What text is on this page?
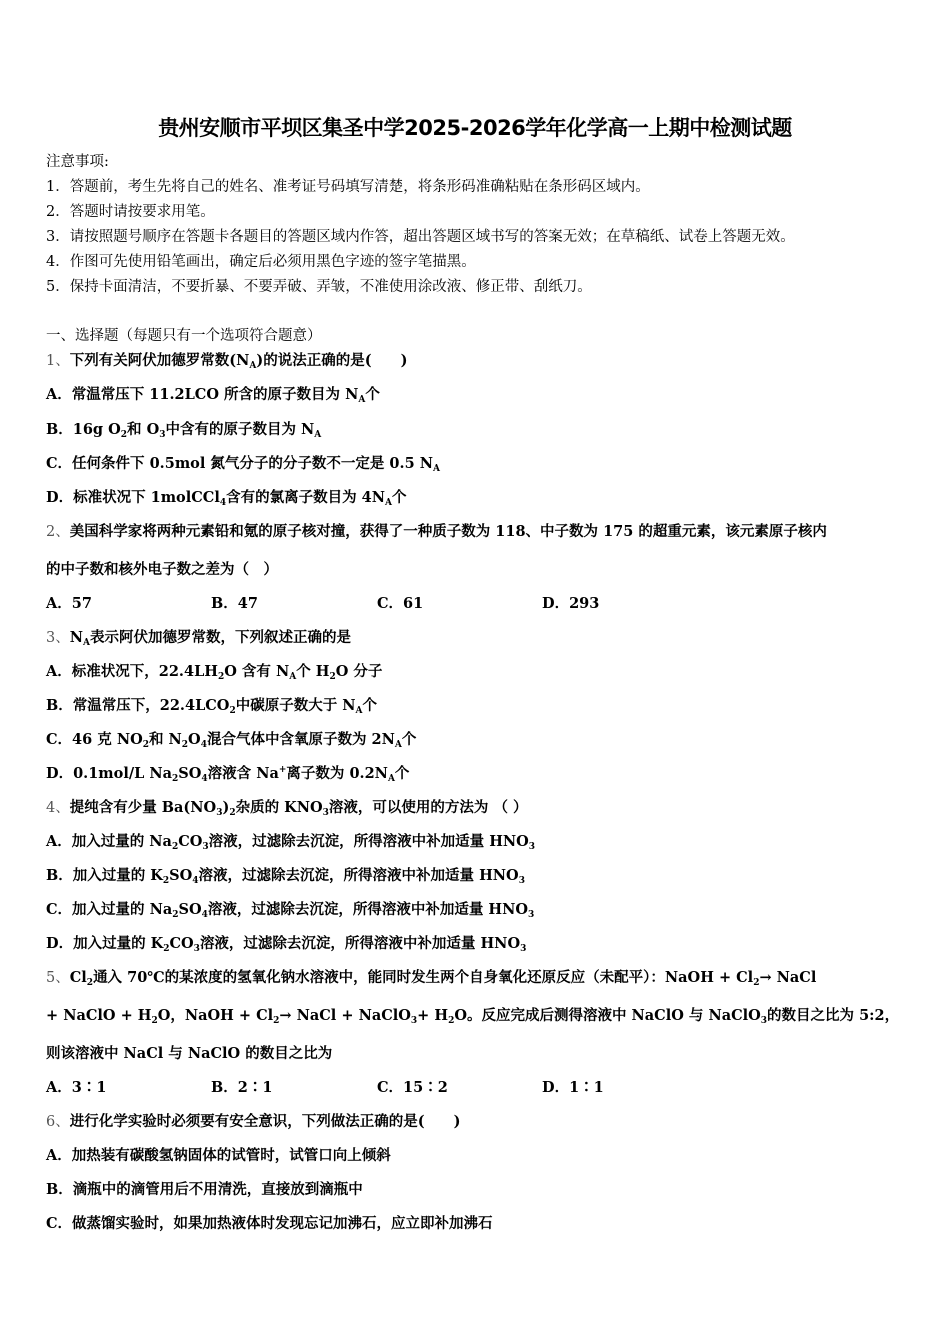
贵州安顺市平坝区集圣中学2025-2026学年化学高一上期中检测试题
注意事项:
1．答题前，考生先将自己的姓名、准考证号码填写清楚，将条形码准确粘贴在条形码区域内。
2．答题时请按要求用笔。
3．请按照题号顺序在答题卡各题目的答题区域内作答，超出答题区域书写的答案无效；在草稿纸、试卷上答题无效。
4．作图可先使用铅笔画出，确定后必须用黑色字迹的签字笔描黑。
5．保持卡面清洁，不要折暴、不要弄破、弄皱，不准使用涂改液、修正带、刮纸刀。
一、选择题（每题只有一个选项符合题意）
1、下列有关阿伏加德罗常数$(N_A)$的说法正确的是(　　)
A．常温常压下 11.2LCO 所含的原子数目为 $N_A$个
B．16g $O_2$和 $O_3$中含有的原子数目为 $N_A$
C．任何条件下 0.5mol 氮气分子的分子数不一定是 0.5 $N_A$
D．标准状况下 1molCCl$_4$含有的氯离子数目为 $4N_A$个
2、美国科学家将两种元素铅和氪的原子核对撞，获得了一种质子数为 118、中子数为 175 的超重元素，该元素原子核内
的中子数和核外电子数之差为（　）
A．57	B．47	C．61	D．293
3、$N_A$表示阿伏加德罗常数，下列叙述正确的是
A．标准状况下，$22.4LH_2O$ 含有 $N_A$个 $H_2O$ 分子
B．常温常压下，$22.4LCO_2$中碳原子数大于 $N_A$个
C．46 克 $NO_2$和 $N_2O_4$混合气体中含氧原子数为 $2N_A$个
D．0.1mol/L $Na_2SO_4$溶液含 Na+离子数为 $0.2N_A$个
4、提纯含有少量 $Ba(NO_3)_2$杂质的 $KNO_3$溶液，可以使用的方法为 （ ）
A．加入过量的 $Na_2CO_3$溶液，过滤除去沉淀，所得溶液中补加适量 $HNO_3$
B．加入过量的 $K_2SO_4$溶液，过滤除去沉淀，所得溶液中补加适量 $HNO_3$
C．加入过量的 $Na_2SO_4$溶液，过滤除去沉淀，所得溶液中补加适量 $HNO_3$
D．加入过量的 $K_2CO_3$溶液，过滤除去沉淀，所得溶液中补加适量 $HNO_3$
5、$Cl_2$通入 70℃的某浓度的氢氧化钠水溶液中，能同时发生两个自身氧化还原反应（未配平）：NaOH + $Cl_2\to$ NaCl
+ NaClO + $H_2O$，NaOH + $Cl_2\to$ NaCl + NaClO$_3$+ $H_2O$。反应完成后测得溶液中 NaClO 与 NaClO$_3$的数目之比为 5:2，
则该溶液中 NaCl 与 NaClO 的数目之比为
A．3∶1	B．2∶1	C．15∶2	D．1∶1
6、进行化学实验时必须要有安全意识，下列做法正确的是(　　)
A．加热装有碳酸氢钠固体的试管时，试管口向上倾斜
B．滴瓶中的滴管用后不用清洗，直接放到滴瓶中
C．做蒸馏实验时，如果加热液体时发现忘记加沸石，应立即补加沸石
